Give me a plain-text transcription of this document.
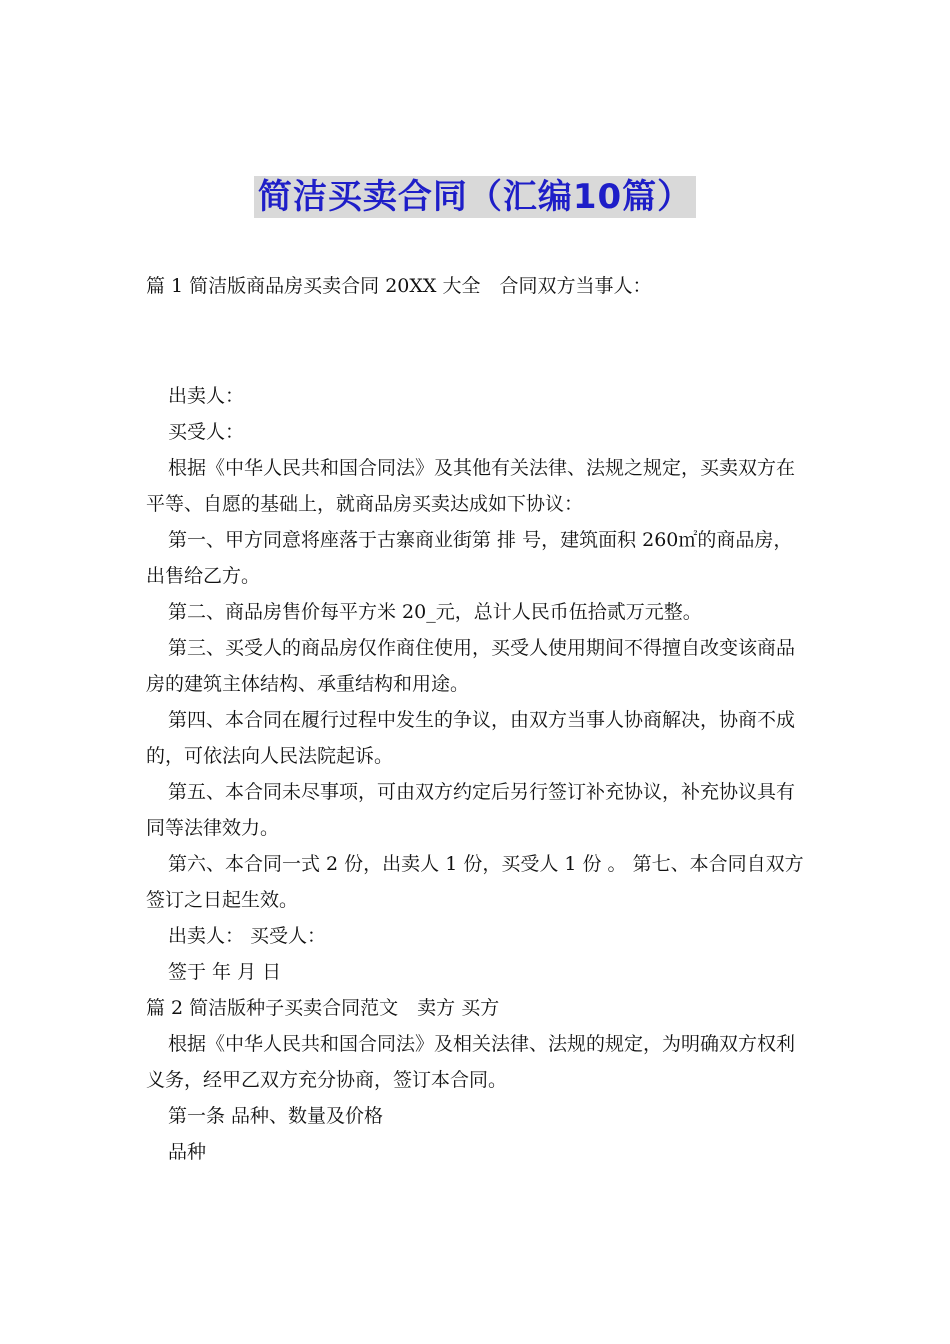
简洁买卖合同（汇编10篇）
篇 1 简洁版商品房买卖合同 20XX 大全　合同双方当事人：

出卖人：

买受人：

根据《中华人民共和国合同法》及其他有关法律、法规之规定，买卖双方在平等、自愿的基础上，就商品房买卖达成如下协议：

第一、甲方同意将座落于古寨商业街第 排 号，建筑面积 260㎡的商品房，出售给乙方。

第二、商品房售价每平方米 20_元，总计人民币伍拾贰万元整。

第三、买受人的商品房仅作商住使用，买受人使用期间不得擅自改变该商品房的建筑主体结构、承重结构和用途。

第四、本合同在履行过程中发生的争议，由双方当事人协商解决，协商不成的，可依法向人民法院起诉。

第五、本合同未尽事项，可由双方约定后另行签订补充协议，补充协议具有同等法律效力。

第六、本合同一式 2 份，出卖人 1 份，买受人 1 份 。 第七、本合同自双方签订之日起生效。

出卖人： 买受人：

签于 年 月 日

篇 2 简洁版种子买卖合同范文　卖方 买方

根据《中华人民共和国合同法》及相关法律、法规的规定，为明确双方权利义务，经甲乙双方充分协商，签订本合同。

第一条 品种、数量及价格

品种
